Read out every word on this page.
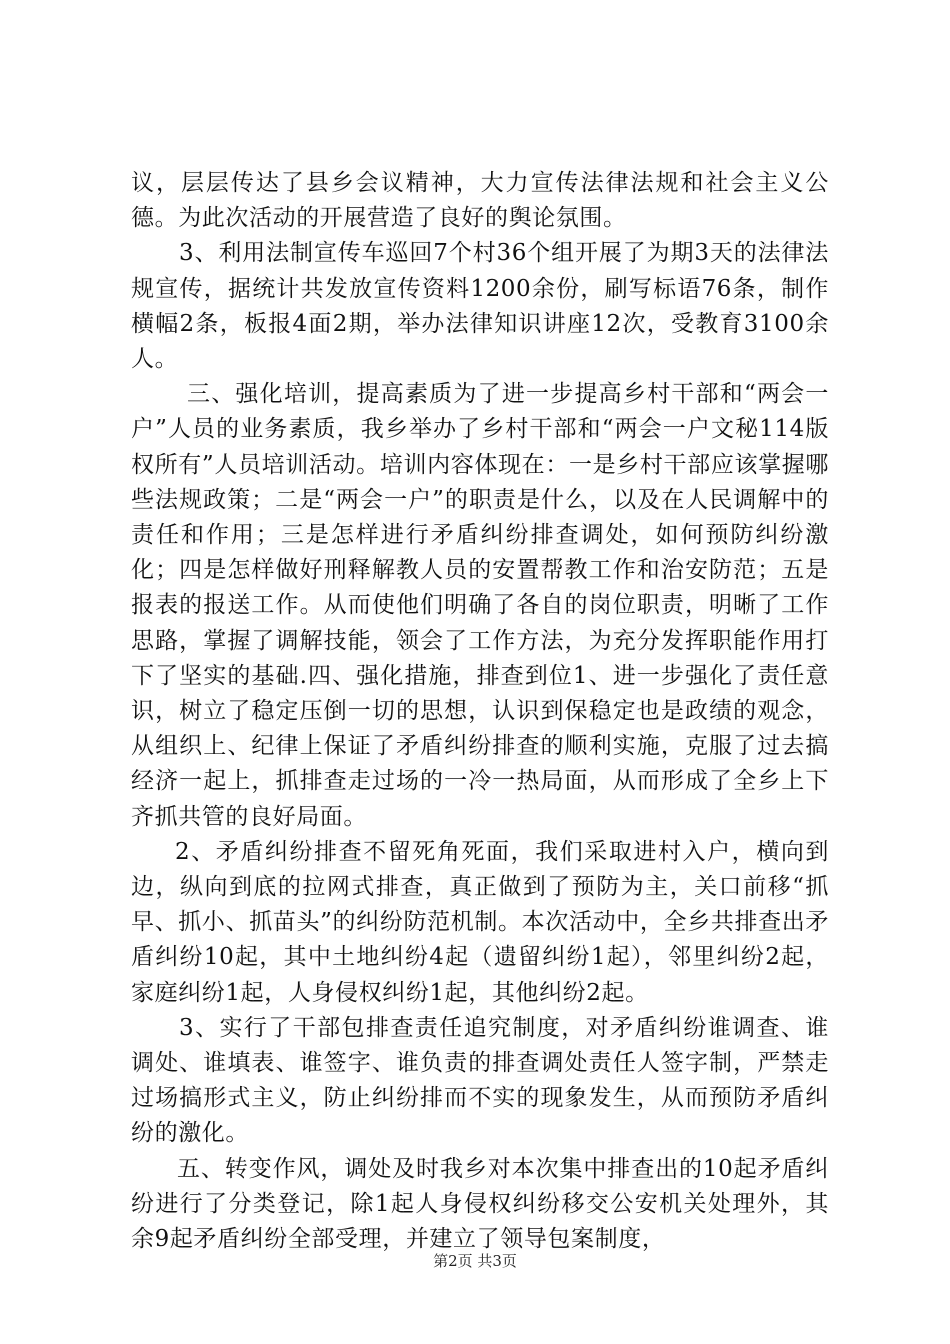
议，层层传达了县乡会议精神，大力宣传法律法规和社会主义公德。为此次活动的开展营造了良好的舆论氛围。

3、利用法制宣传车巡回7个村36个组开展了为期3天的法律法规宣传，据统计共发放宣传资料1200余份，刷写标语76条，制作横幅2条，板报4面2期，举办法律知识讲座12次，受教育3100余人。

三、强化培训，提高素质为了进一步提高乡村干部和“两会一户”人员的业务素质，我乡举办了乡村干部和“两会一户文秘114版权所有”人员培训活动。培训内容体现在：一是乡村干部应该掌握哪些法规政策；二是“两会一户”的职责是什么，以及在人民调解中的责任和作用；三是怎样进行矛盾纠纷排查调处，如何预防纠纷激化；四是怎样做好刑释解教人员的安置帮教工作和治安防范；五是报表的报送工作。从而使他们明确了各自的岗位职责，明晰了工作思路，掌握了调解技能，领会了工作方法，为充分发挥职能作用打下了坚实的基础.四、强化措施，排查到位1、进一步强化了责任意识，树立了稳定压倒一切的思想，认识到保稳定也是政绩的观念，从组织上、纪律上保证了矛盾纠纷排查的顺利实施，克服了过去搞经济一起上，抓排查走过场的一冷一热局面，从而形成了全乡上下齐抓共管的良好局面。

2、矛盾纠纷排查不留死角死面，我们采取进村入户，横向到边，纵向到底的拉网式排查，真正做到了预防为主，关口前移“抓早、抓小、抓苗头”的纠纷防范机制。本次活动中，全乡共排查出矛盾纠纷10起，其中土地纠纷4起（遗留纠纷1起），邻里纠纷2起，家庭纠纷1起，人身侵权纠纷1起，其他纠纷2起。

3、实行了干部包排查责任追究制度，对矛盾纠纷谁调查、谁调处、谁填表、谁签字、谁负责的排查调处责任人签字制，严禁走过场搞形式主义，防止纠纷排而不实的现象发生，从而预防矛盾纠纷的激化。

五、转变作风，调处及时我乡对本次集中排查出的10起矛盾纠纷进行了分类登记，除1起人身侵权纠纷移交公安机关处理外，其余9起矛盾纠纷全部受理，并建立了领导包案制度，

第2页 共3页
